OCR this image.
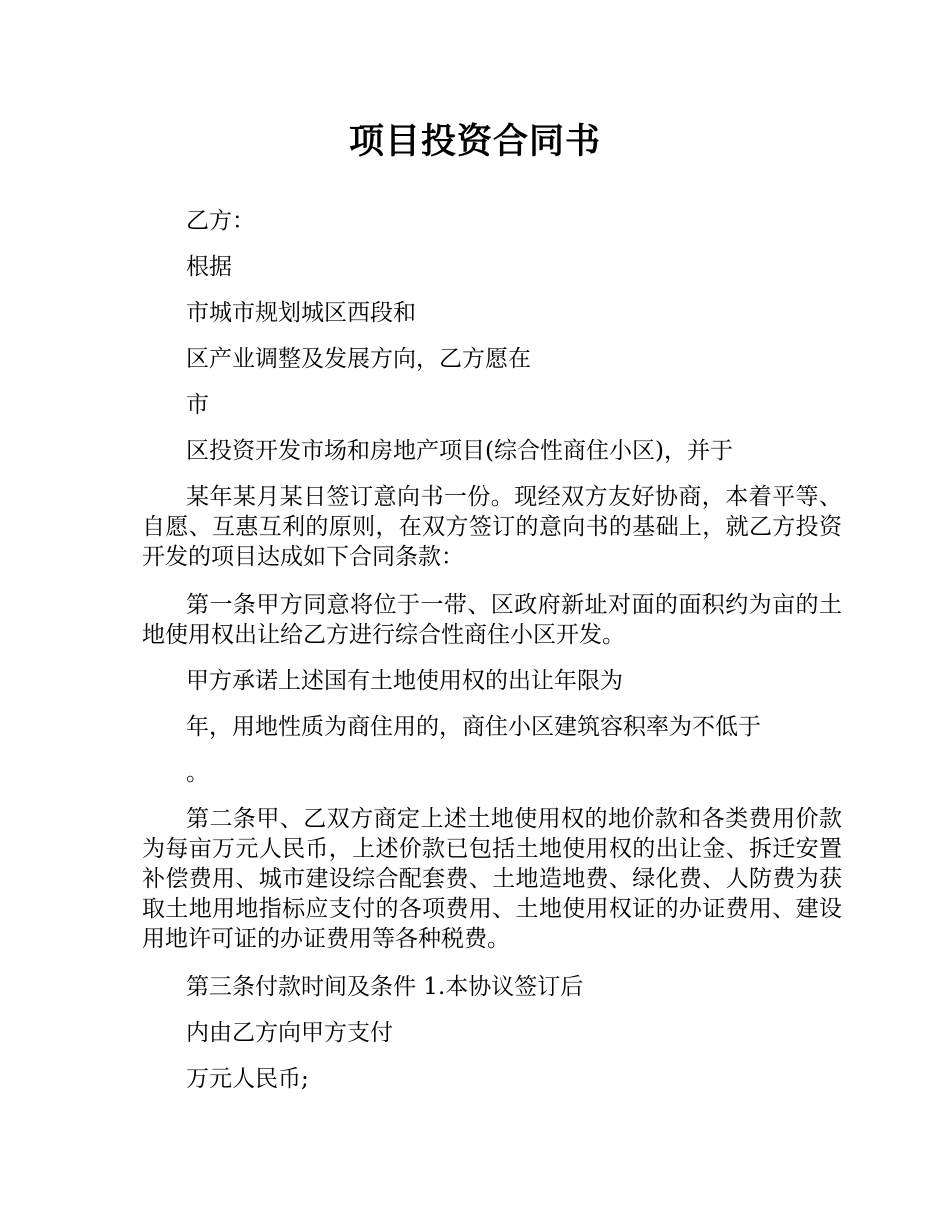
项目投资合同书

乙方：

根据

市城市规划城区西段和

区产业调整及发展方向，乙方愿在

市

区投资开发市场和房地产项目(综合性商住小区)，并于

某年某月某日签订意向书一份。现经双方友好协商，本着平等、自愿、互惠互利的原则，在双方签订的意向书的基础上，就乙方投资开发的项目达成如下合同条款：

第一条甲方同意将位于一带、区政府新址对面的面积约为亩的土地使用权出让给乙方进行综合性商住小区开发。

甲方承诺上述国有土地使用权的出让年限为

年，用地性质为商住用的，商住小区建筑容积率为不低于

。

第二条甲、乙双方商定上述土地使用权的地价款和各类费用价款为每亩万元人民币，上述价款已包括土地使用权的出让金、拆迁安置补偿费用、城市建设综合配套费、土地造地费、绿化费、人防费为获取土地用地指标应支付的各项费用、土地使用权证的办证费用、建设用地许可证的办证费用等各种税费。

第三条付款时间及条件 1.本协议签订后

内由乙方向甲方支付

万元人民币;
